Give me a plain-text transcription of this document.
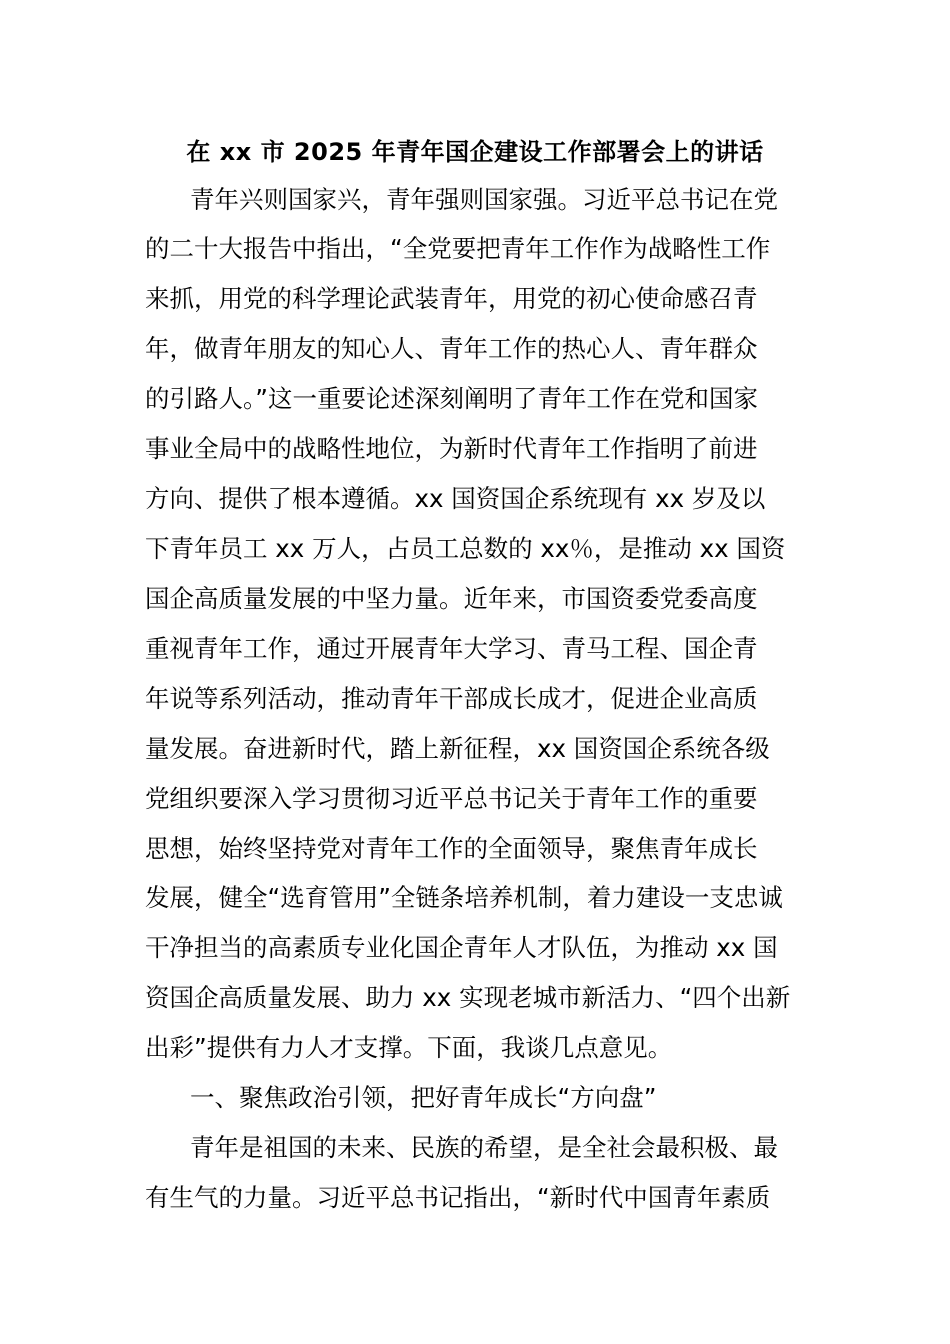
在 xx 市 2025 年青年国企建设工作部署会上的讲话
青年兴则国家兴，青年强则国家强。习近平总书记在党
的二十大报告中指出，“全党要把青年工作作为战略性工作
来抓，用党的科学理论武装青年，用党的初心使命感召青
年，做青年朋友的知心人、青年工作的热心人、青年群众
的引路人。”这一重要论述深刻阐明了青年工作在党和国家
事业全局中的战略性地位，为新时代青年工作指明了前进
方向、提供了根本遵循。xx 国资国企系统现有 xx 岁及以
下青年员工 xx 万人，占员工总数的 xx％，是推动 xx 国资
国企高质量发展的中坚力量。近年来，市国资委党委高度
重视青年工作，通过开展青年大学习、青马工程、国企青
年说等系列活动，推动青年干部成长成才，促进企业高质
量发展。奋进新时代，踏上新征程，xx 国资国企系统各级
党组织要深入学习贯彻习近平总书记关于青年工作的重要
思想，始终坚持党对青年工作的全面领导，聚焦青年成长
发展，健全“选育管用”全链条培养机制，着力建设一支忠诚
干净担当的高素质专业化国企青年人才队伍，为推动 xx 国
资国企高质量发展、助力 xx 实现老城市新活力、“四个出新
出彩”提供有力人才支撑。下面，我谈几点意见。
一、聚焦政治引领，把好青年成长“方向盘”
青年是祖国的未来、民族的希望，是全社会最积极、最
有生气的力量。习近平总书记指出，“新时代中国青年素质
